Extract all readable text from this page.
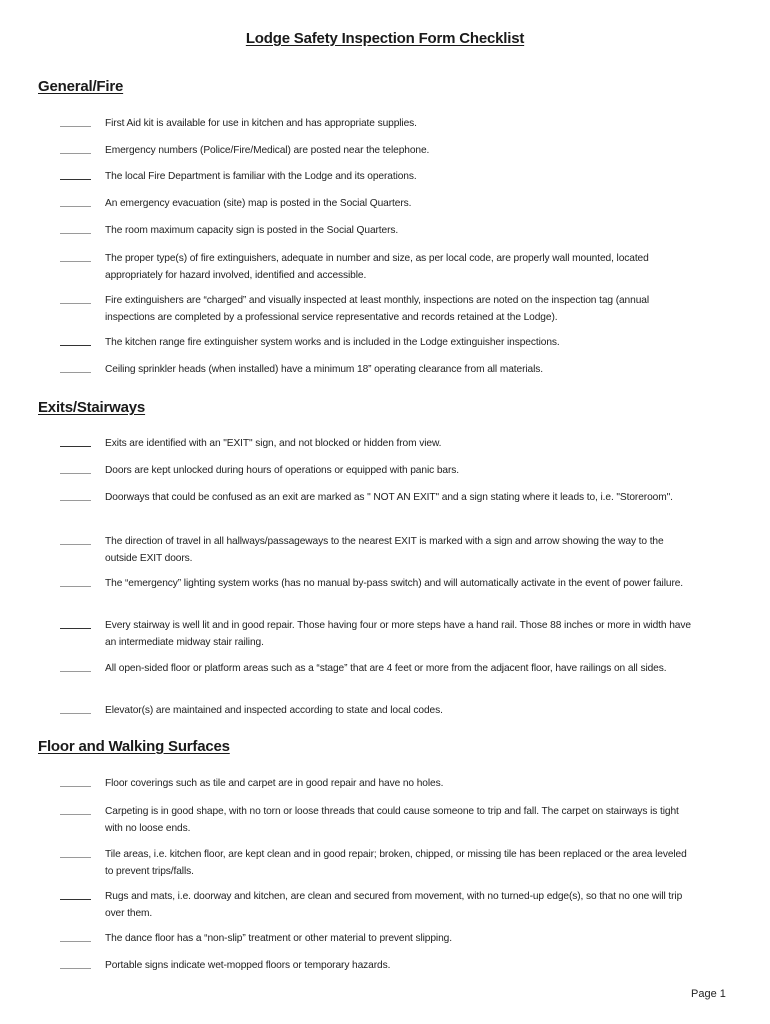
Lodge Safety Inspection Form Checklist
General/Fire
First Aid kit is available for use in kitchen and has appropriate supplies.
Emergency numbers (Police/Fire/Medical) are posted near the telephone.
The local Fire Department is familiar with the Lodge and its operations.
An emergency evacuation (site) map is posted in the Social Quarters.
The room maximum capacity sign is posted in the Social Quarters.
The proper type(s) of fire extinguishers, adequate in number and size, as per local code, are properly wall mounted, located appropriately for hazard involved, identified and accessible.
Fire extinguishers are “charged” and visually inspected at least monthly, inspections are noted on the inspection tag (annual inspections are completed by a professional service representative and records retained at the Lodge).
The kitchen range fire extinguisher system works and is included in the Lodge extinguisher inspections.
Ceiling sprinkler heads (when installed) have a minimum 18” operating clearance from all materials.
Exits/Stairways
Exits are identified with an "EXIT" sign, and not blocked or hidden from view.
Doors are kept unlocked during hours of operations or equipped with panic bars.
Doorways that could be confused as an exit are marked as " NOT AN EXIT" and a sign stating where it leads to, i.e. "Storeroom".
The direction of travel in all hallways/passageways to the nearest EXIT is marked with a sign and arrow showing the way to the outside EXIT doors.
The “emergency” lighting system works (has no manual by-pass switch) and will automatically activate in the event of power failure.
Every stairway is well lit and in good repair. Those having four or more steps have a hand rail. Those 88 inches or more in width have an intermediate midway stair railing.
All open-sided floor or platform areas such as a “stage” that are 4 feet or more from the adjacent floor, have railings on all sides.
Elevator(s) are maintained and inspected according to state and local codes.
Floor and Walking Surfaces
Floor coverings such as tile and carpet are in good repair and have no holes.
Carpeting is in good shape, with no torn or loose threads that could cause someone to trip and fall. The carpet on stairways is tight with no loose ends.
Tile areas, i.e. kitchen floor, are kept clean and in good repair; broken, chipped, or missing tile has been replaced or the area leveled to prevent trips/falls.
Rugs and mats, i.e. doorway and kitchen, are clean and secured from movement, with no turned-up edge(s), so that no one will trip over them.
The dance floor has a “non-slip” treatment or other material to prevent slipping.
Portable signs indicate wet-mopped floors or temporary hazards.
Page 1
